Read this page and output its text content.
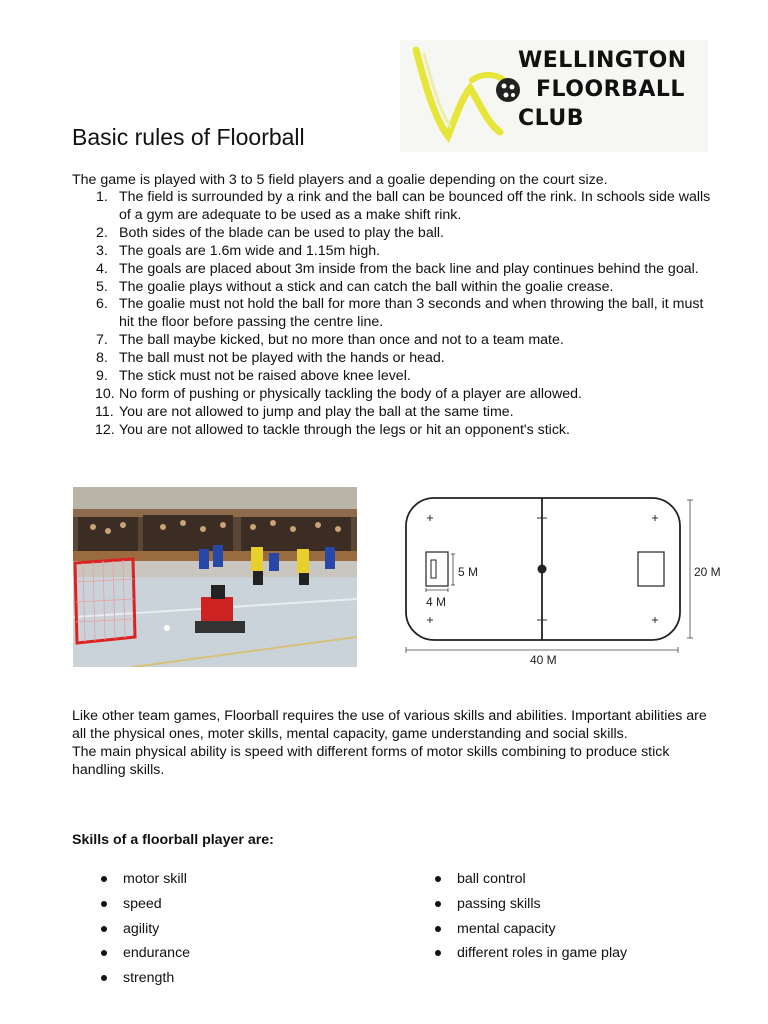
WELLINGTON
FLOORBALL
CLUB
Basic rules of Floorball
The game is played with 3 to 5 field players and a goalie depending on the court size.
1. The field is surrounded by a rink and the ball can be bounced off the rink. In schools side walls of a gym are adequate to be used as a make shift rink.
2. Both sides of the blade can be used to play the ball.
3. The goals are 1.6m wide and 1.15m high.
4. The goals are placed about 3m inside from the back line and play continues behind the goal.
5. The goalie plays without a stick and can catch the ball within the goalie crease.
6. The goalie must not hold the ball for more than 3 seconds and when throwing the ball, it must hit the floor before passing the centre line.
7. The ball maybe kicked, but no more than once and not to a team mate.
8. The ball must not be played with the hands or head.
9. The stick must not be raised above knee level.
10. No form of pushing or physically tackling the body of a player are allowed.
11. You are not allowed to jump and play the ball at the same time.
12. You are not allowed to tackle through the legs or hit an opponent's stick.
5 M
4 M
20 M
40 M
Like other team games, Floorball requires the use of various skills and abilities. Important abilities are all the physical ones, moter skills, mental capacity, game understanding and social skills.
The main physical ability is speed with different forms of motor skills combining to produce stick handling skills.
Skills of a floorball player are:
motor skill
speed
agility
endurance
strength
ball control
passing skills
mental capacity
different roles in game play
